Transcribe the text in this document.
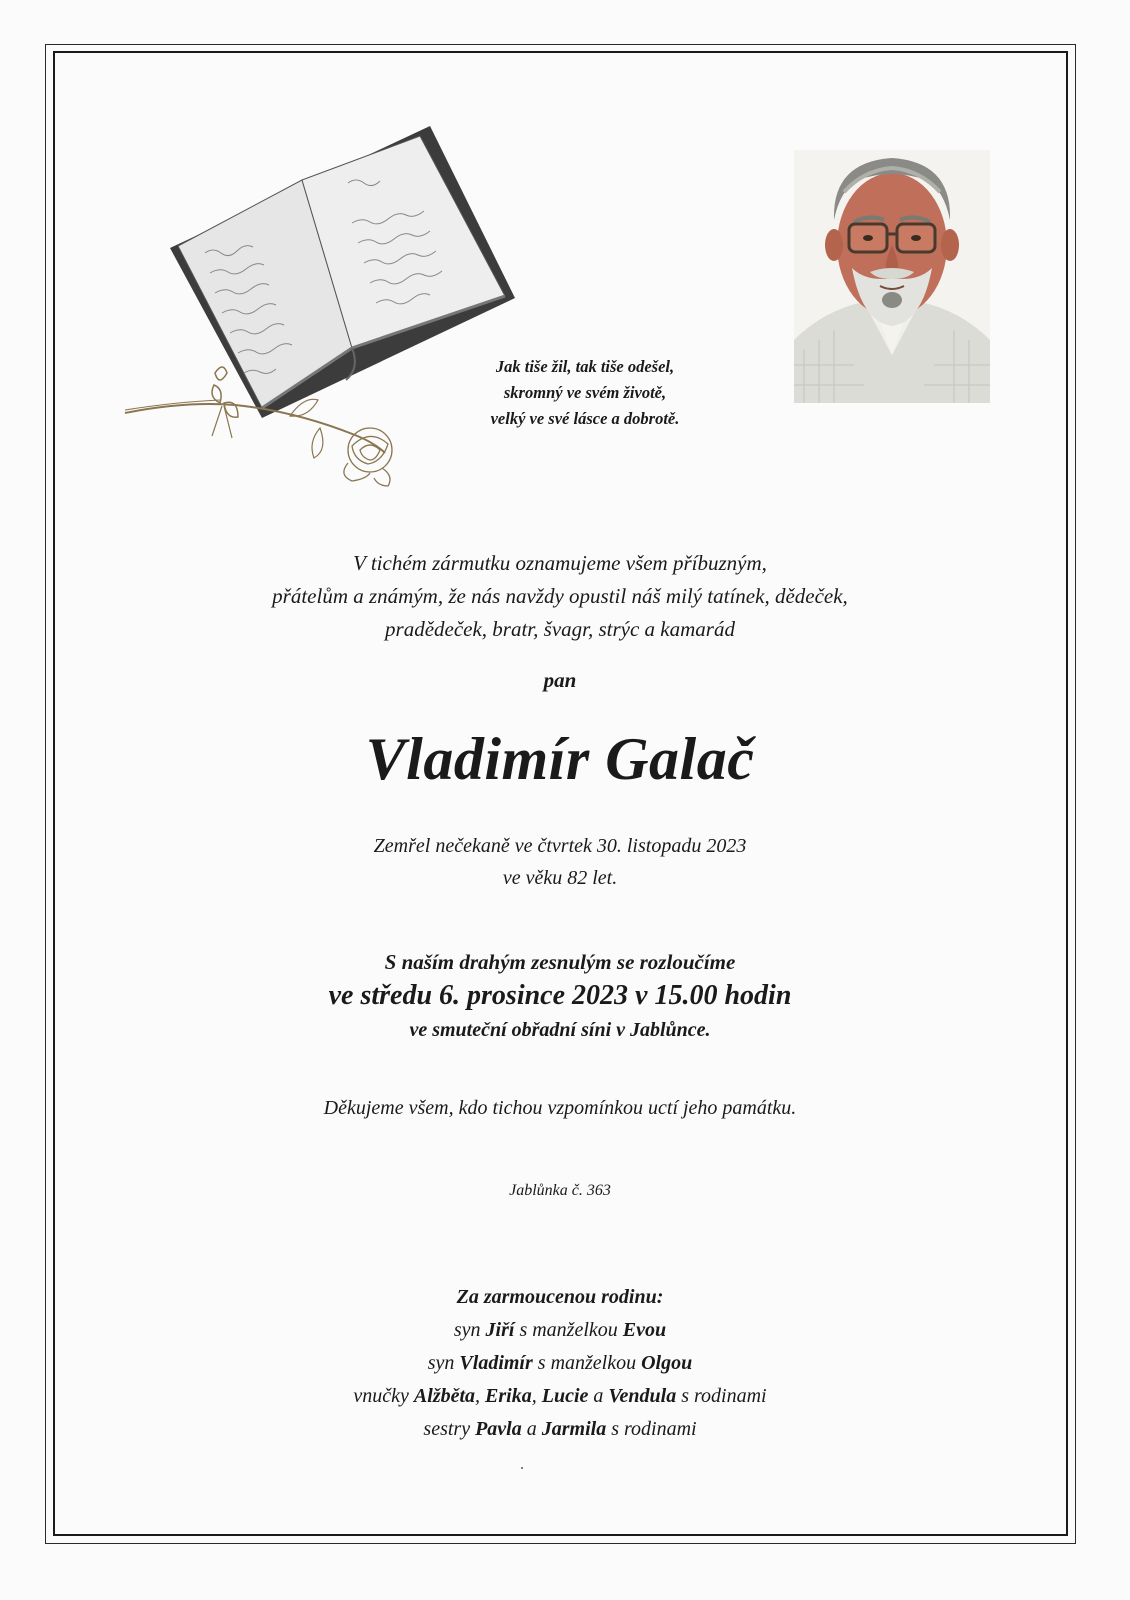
Jak tiše žil, tak tiše odešel,
skromný ve svém životě,
velký ve své lásce a dobrotě.
V tichém zármutku oznamujeme všem příbuzným,
přátelům a známým, že nás navždy opustil náš milý tatínek, dědeček,
pradědeček, bratr, švagr, strýc a kamarád
pan
Vladimír Galač
Zemřel nečekaně ve čtvrtek 30. listopadu 2023
ve věku 82 let.
S naším drahým zesnulým se rozloučíme
ve středu 6. prosince 2023 v 15.00 hodin
ve smuteční obřadní síni v Jablůnce.
Děkujeme všem, kdo tichou vzpomínkou uctí jeho památku.
Jablůnka č. 363
Za zarmoucenou rodinu:
syn Jiří s manželkou Evou
syn Vladimír s manželkou Olgou
vnučky Alžběta, Erika, Lucie a Vendula s rodinami
sestry Pavla a Jarmila s rodinami
